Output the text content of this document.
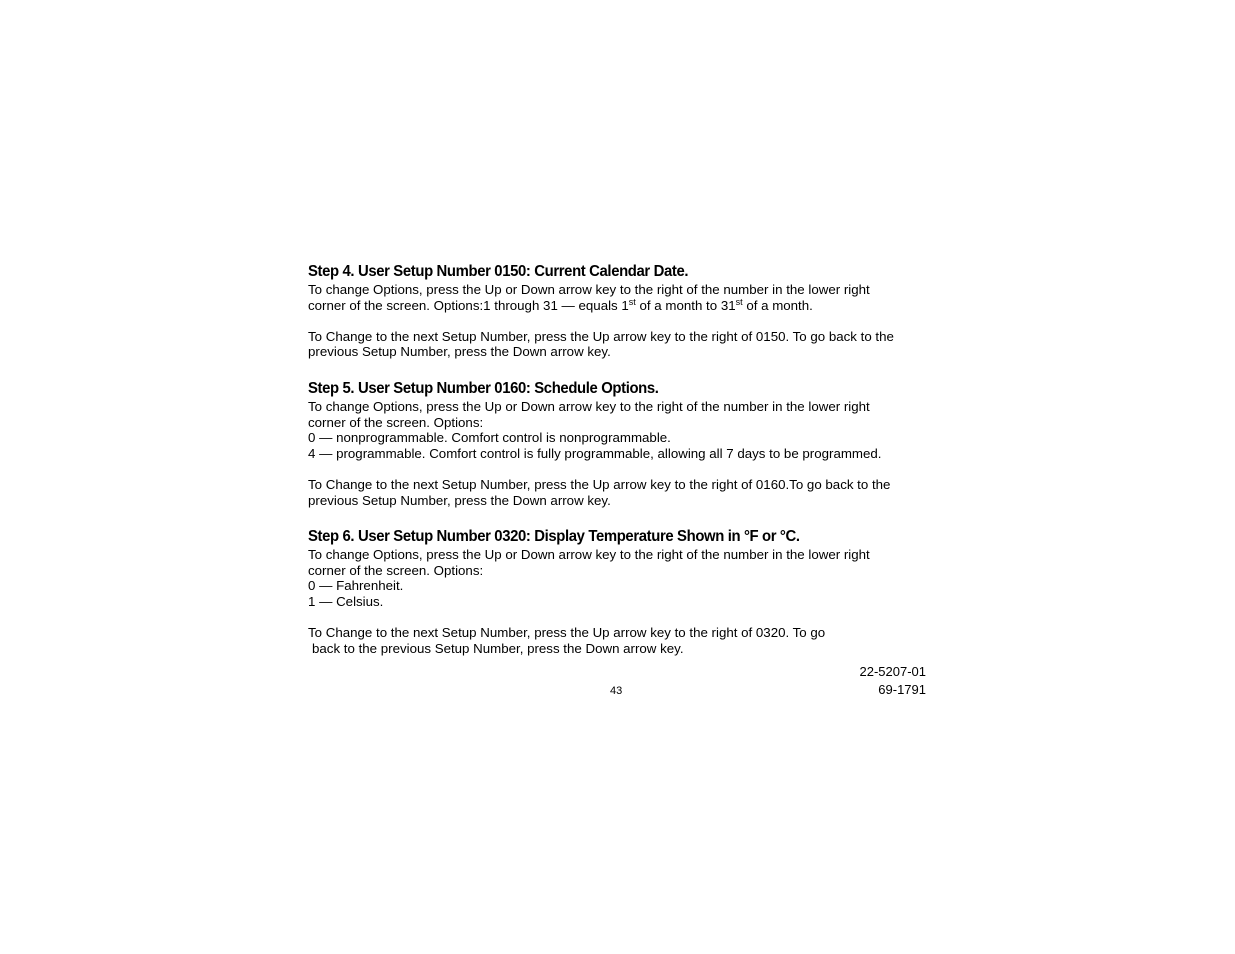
Step 4. User Setup Number 0150: Current Calendar Date.

To change Options, press the Up or Down arrow key to the right of the number in the lower right

corner of the screen. Options:1 through 31 — equals 1st of a month to 31st of a month.

To Change to the next Setup Number, press the Up arrow key to the right of 0150. To go back to the

previous Setup Number, press the Down arrow key.

Step 5. User Setup Number 0160: Schedule Options.

To change Options, press the Up or Down arrow key to the right of the number in the lower right

corner of the screen. Options:

0 — nonprogrammable. Comfort control is nonprogrammable.

4 — programmable. Comfort control is fully programmable, allowing all 7 days to be programmed.

To Change to the next Setup Number, press the Up arrow key to the right of 0160.To go back to the

previous Setup Number, press the Down arrow key.

Step 6. User Setup Number 0320: Display Temperature Shown in °F or °C.

To change Options, press the Up or Down arrow key to the right of the number in the lower right

corner of the screen. Options:

0 — Fahrenheit.

1 — Celsius.

To Change to the next Setup Number, press the Up arrow key to the right of 0320. To go

back to the previous Setup Number, press the Down arrow key.

22-5207-01
43	69-1791
